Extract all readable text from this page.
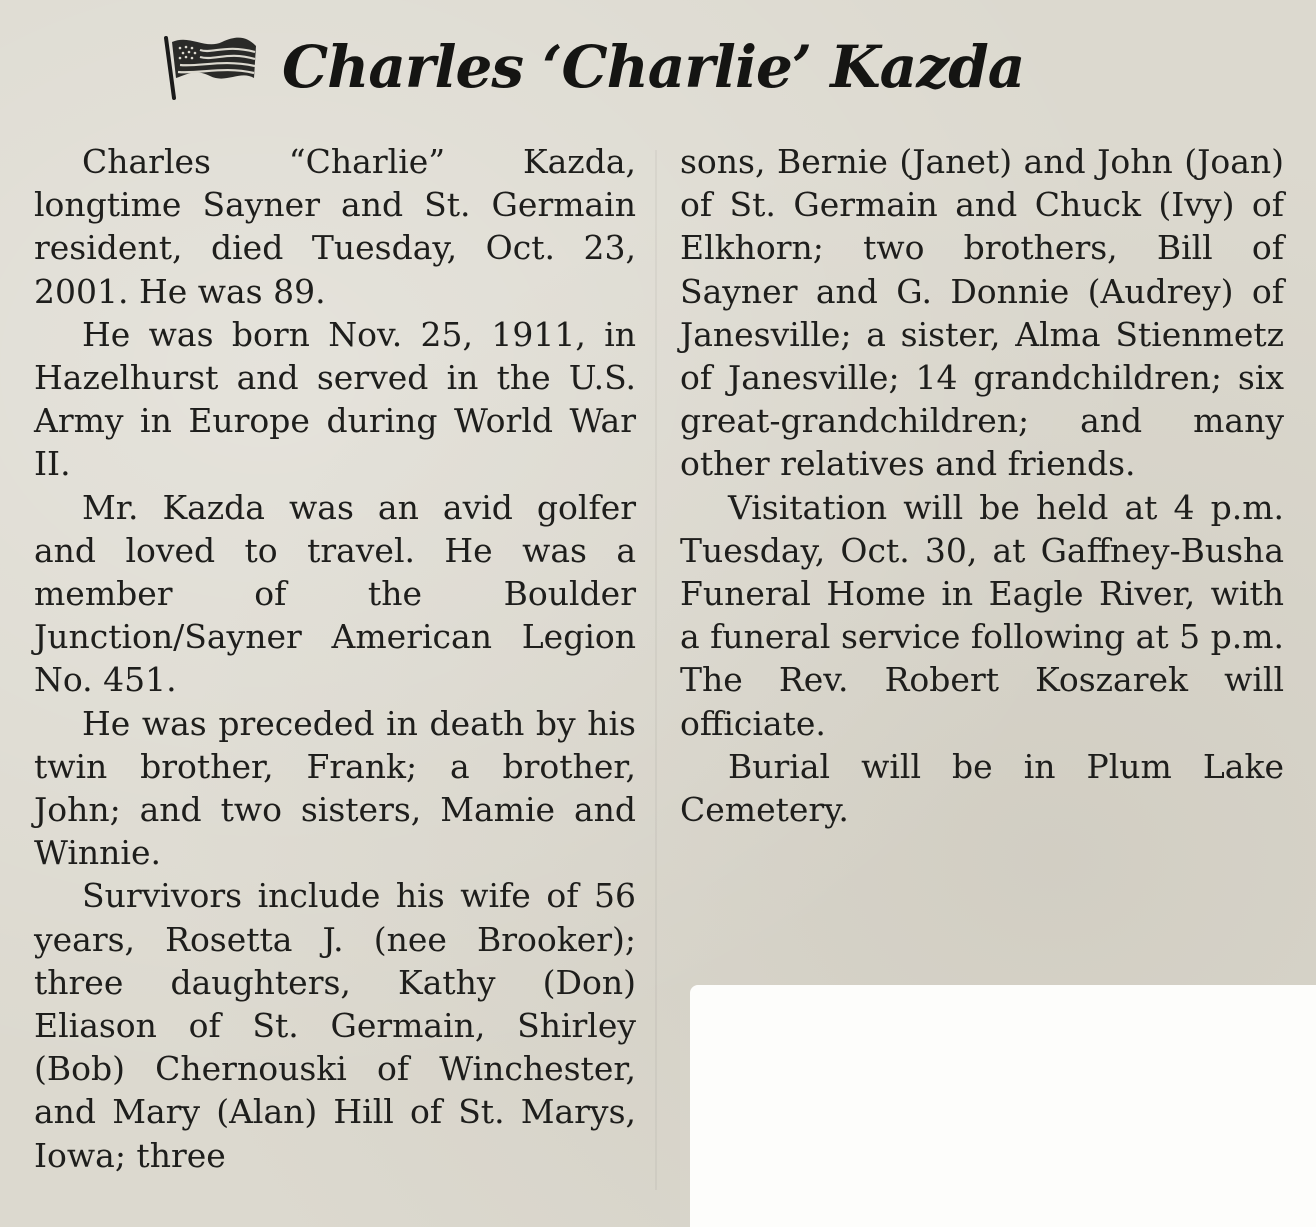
Charles ‘Charlie’ Kazda

Charles “Charlie” Kazda, longtime Sayner and St. Germain resident, died Tuesday, Oct. 23, 2001. He was 89.

He was born Nov. 25, 1911, in Hazelhurst and served in the U.S. Army in Europe during World War II.

Mr. Kazda was an avid golfer and loved to travel. He was a member of the Boulder Junction/Sayner American Legion No. 451.

He was preceded in death by his twin brother, Frank; a brother, John; and two sisters, Mamie and Winnie.

Survivors include his wife of 56 years, Rosetta J. (nee Brooker); three daughters, Kathy (Don) Eliason of St. Germain, Shirley (Bob) Chernouski of Winchester, and Mary (Alan) Hill of St. Marys, Iowa; three

sons, Bernie (Janet) and John (Joan) of St. Germain and Chuck (Ivy) of Elkhorn; two brothers, Bill of Sayner and G. Donnie (Audrey) of Janesville; a sister, Alma Stienmetz of Janesville; 14 grandchildren; six great-grandchildren; and many other relatives and friends.

Visitation will be held at 4 p.m. Tuesday, Oct. 30, at Gaffney-Busha Funeral Home in Eagle River, with a funeral service following at 5 p.m. The Rev. Robert Koszarek will officiate.

Burial will be in Plum Lake Cemetery.
